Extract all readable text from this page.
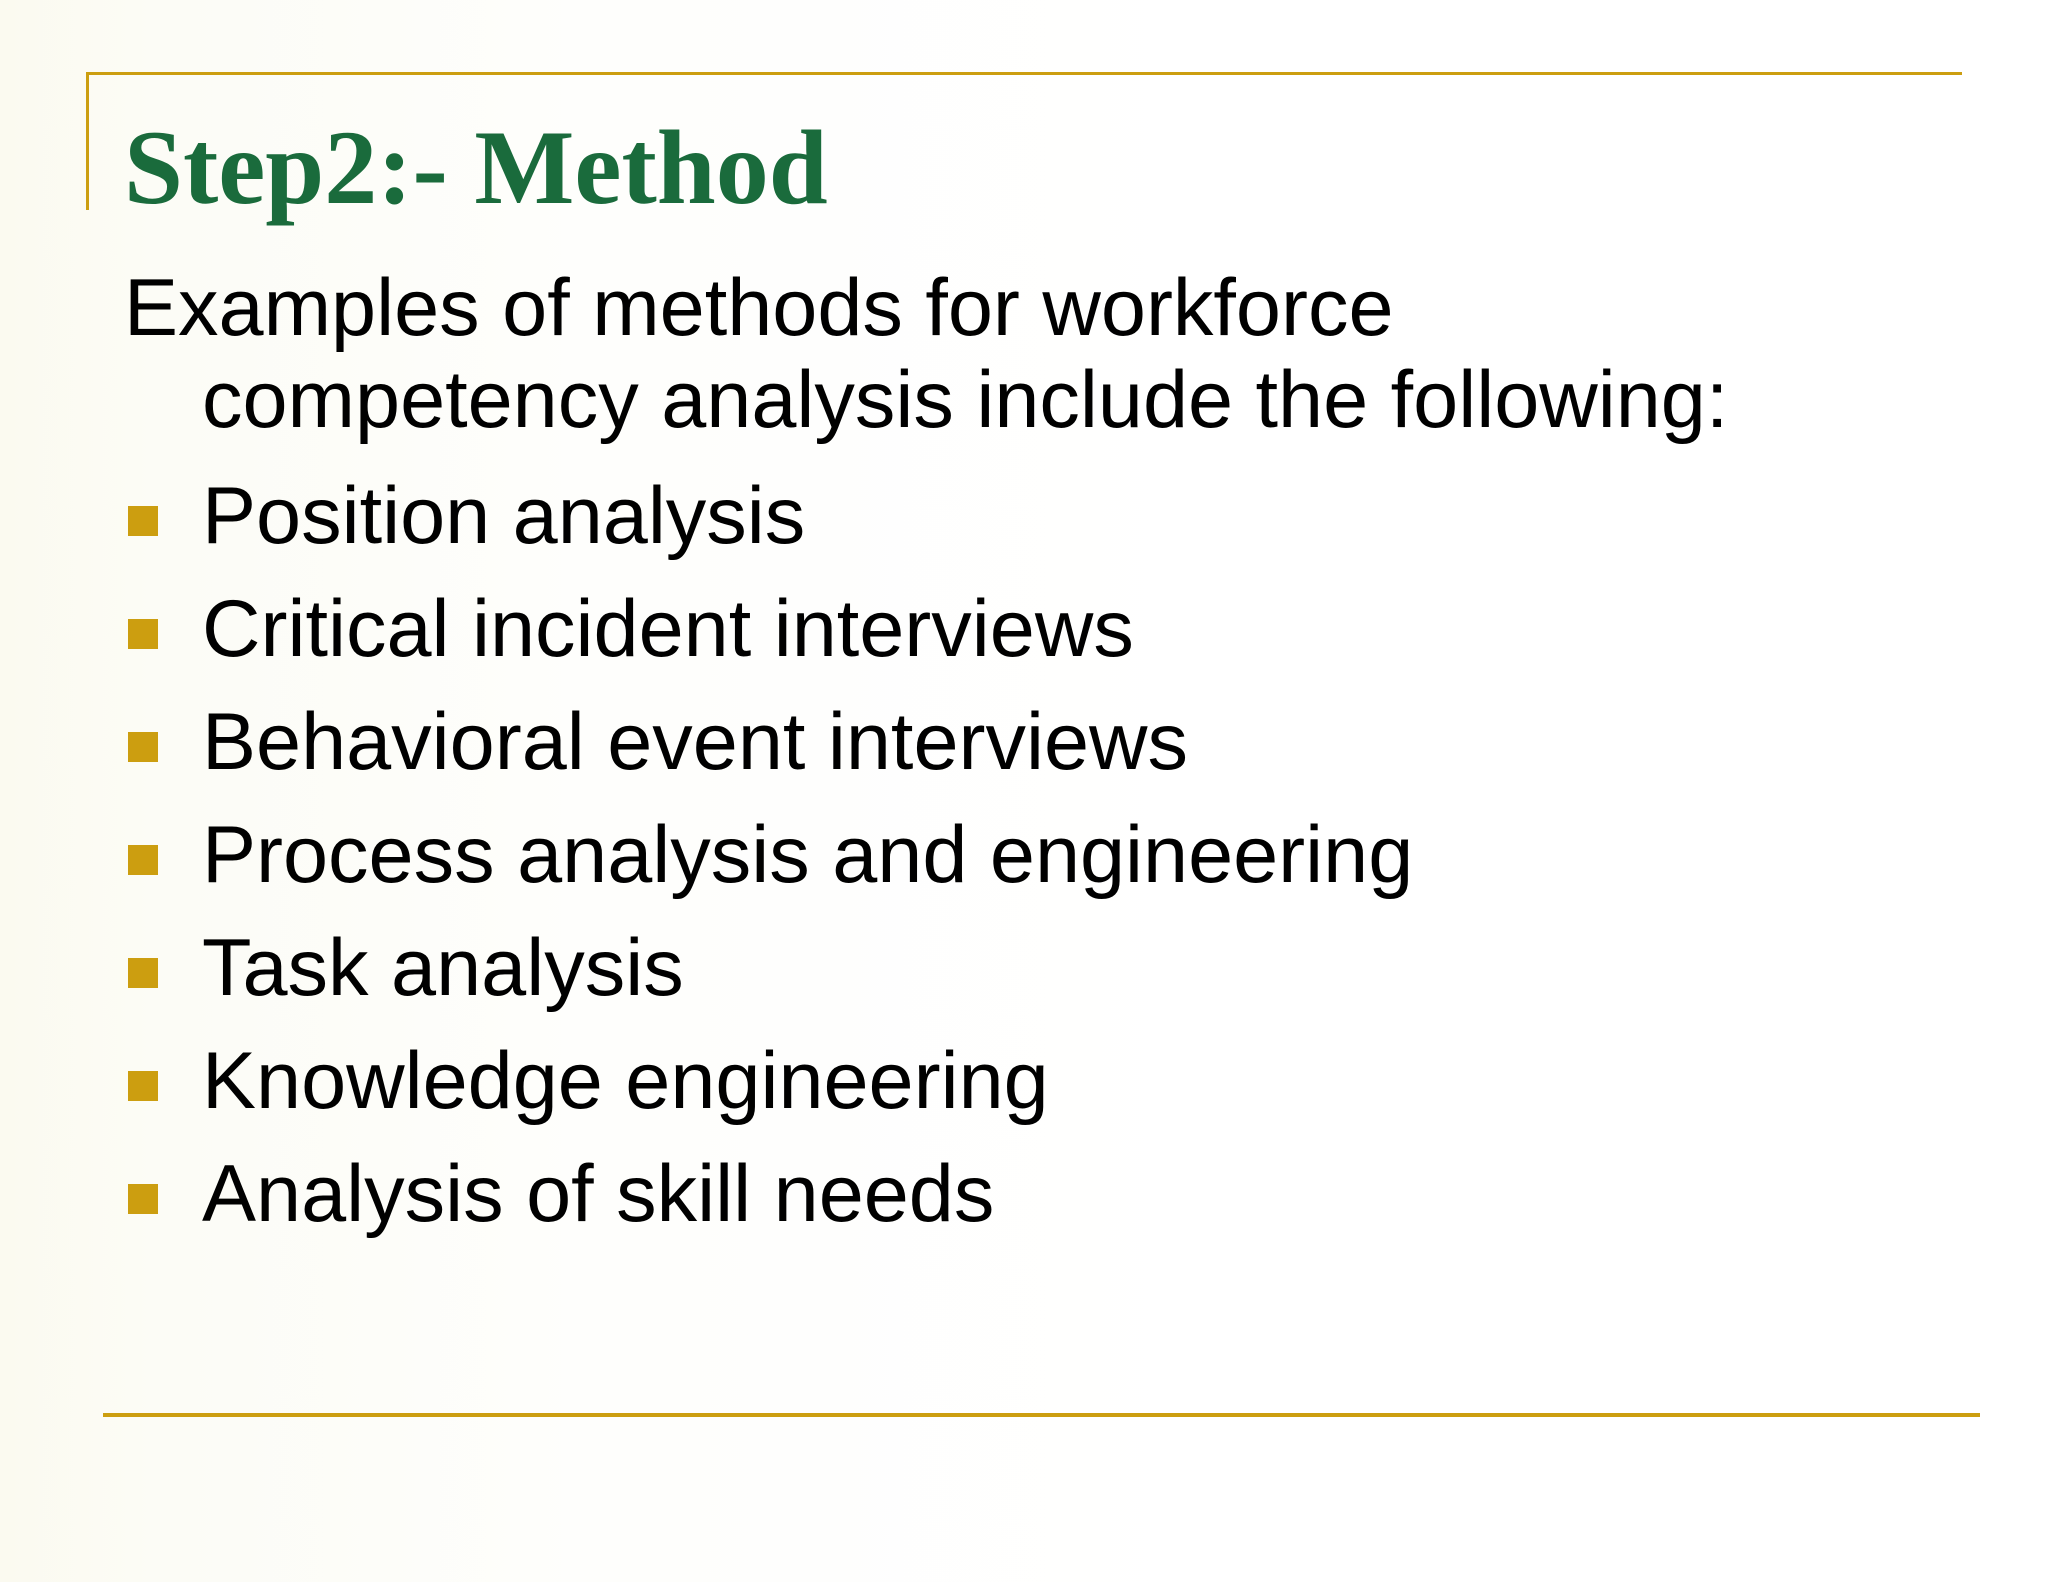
Step2:- Method

Examples of methods for workforce
competency analysis include the following:

Position analysis
Critical incident interviews
Behavioral event interviews
Process analysis and engineering
Task analysis
Knowledge engineering
Analysis of skill needs
